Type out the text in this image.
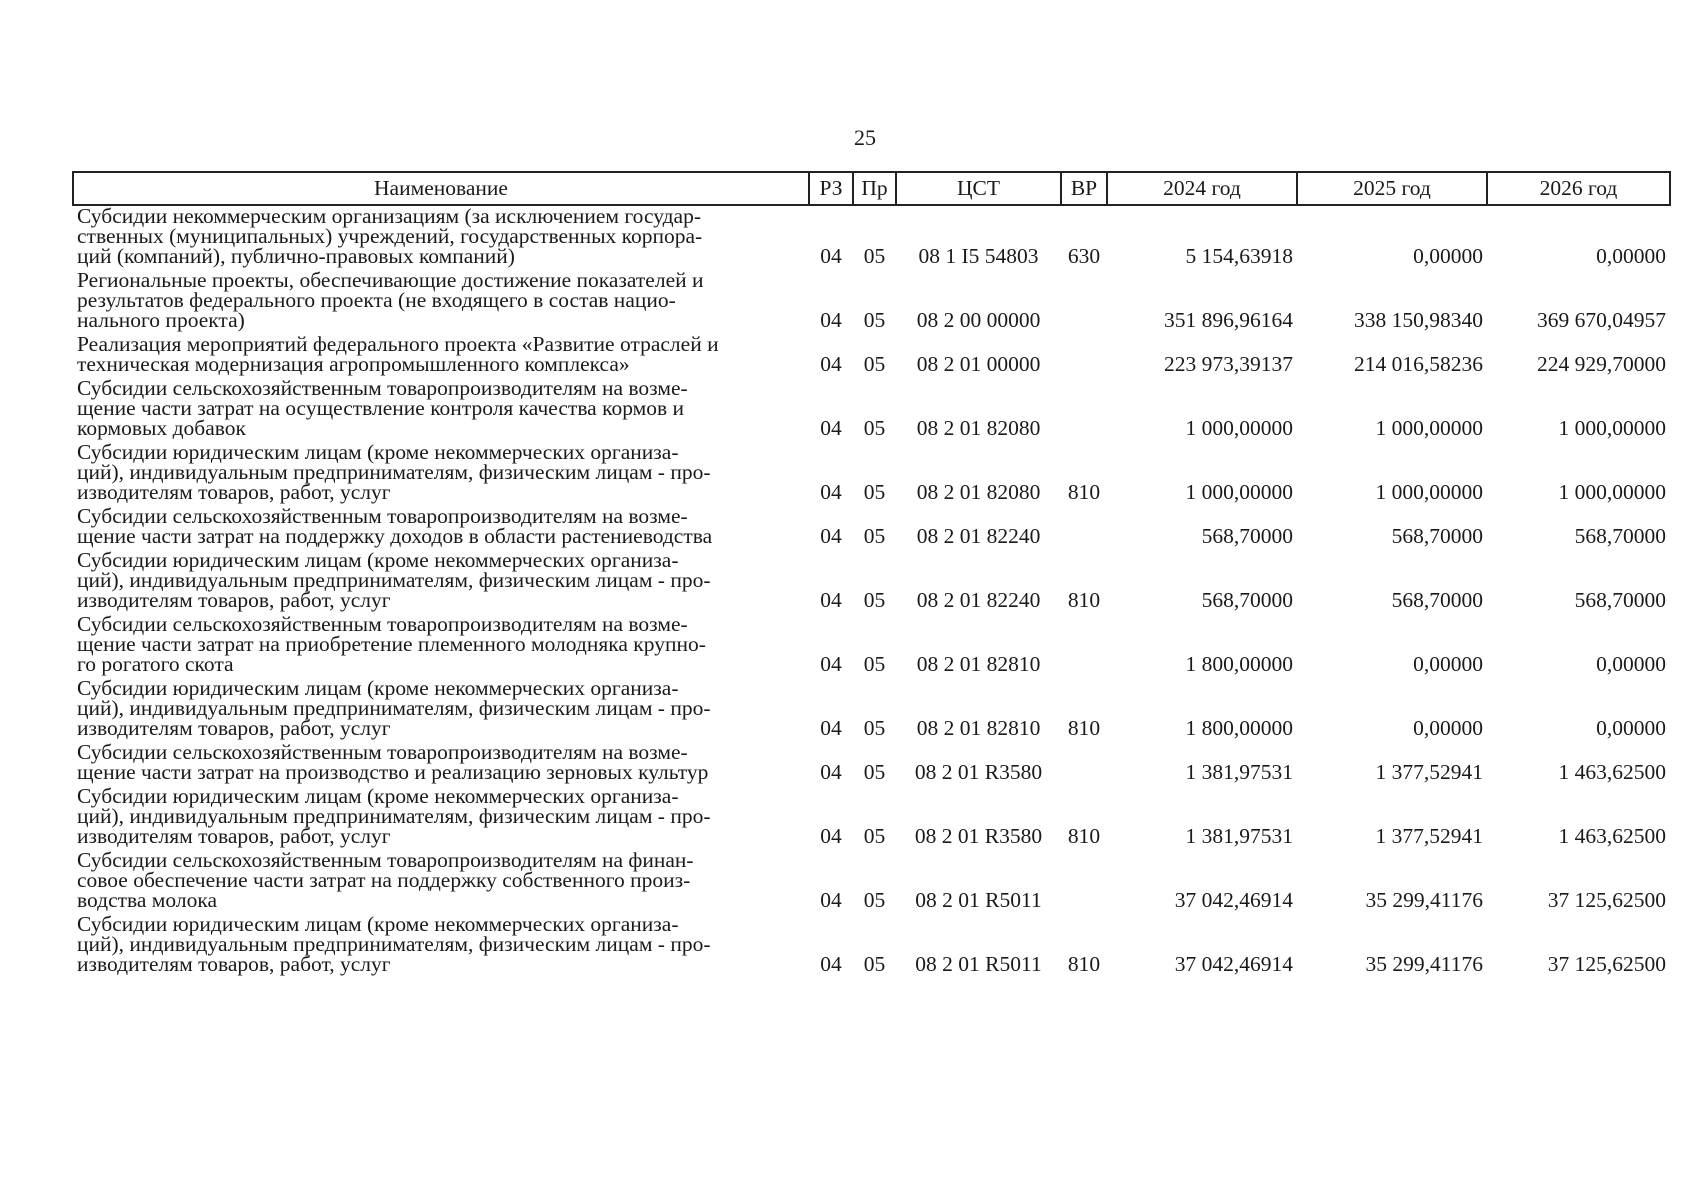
25
Наименование	РЗ	Пр	ЦСТ	ВР	2024 год	2025 год	2026 год

Субсидии некоммерческим организациям (за исключением государ-
ственных (муниципальных) учреждений, государственных корпора-
ций (компаний), публично-правовых компаний)	04	05	08 1 I5 54803	630	5 154,63918	0,00000	0,00000

Региональные проекты, обеспечивающие достижение показателей и
результатов федерального проекта (не входящего в состав нацио-
нального проекта)	04	05	08 2 00 00000		351 896,96164	338 150,98340	369 670,04957

Реализация мероприятий федерального проекта «Развитие отраслей и
техническая модернизация агропромышленного комплекса»	04	05	08 2 01 00000		223 973,39137	214 016,58236	224 929,70000

Субсидии сельскохозяйственным товаропроизводителям на возме-
щение части затрат на осуществление контроля качества кормов и
кормовых добавок	04	05	08 2 01 82080		1 000,00000	1 000,00000	1 000,00000

Субсидии юридическим лицам (кроме некоммерческих организа-
ций), индивидуальным предпринимателям, физическим лицам - про-
изводителям товаров, работ, услуг	04	05	08 2 01 82080	810	1 000,00000	1 000,00000	1 000,00000

Субсидии сельскохозяйственным товаропроизводителям на возме-
щение части затрат на поддержку доходов в области растениеводства	04	05	08 2 01 82240		568,70000	568,70000	568,70000

Субсидии юридическим лицам (кроме некоммерческих организа-
ций), индивидуальным предпринимателям, физическим лицам - про-
изводителям товаров, работ, услуг	04	05	08 2 01 82240	810	568,70000	568,70000	568,70000

Субсидии сельскохозяйственным товаропроизводителям на возме-
щение части затрат на приобретение племенного молодняка крупно-
го рогатого скота	04	05	08 2 01 82810		1 800,00000	0,00000	0,00000

Субсидии юридическим лицам (кроме некоммерческих организа-
ций), индивидуальным предпринимателям, физическим лицам - про-
изводителям товаров, работ, услуг	04	05	08 2 01 82810	810	1 800,00000	0,00000	0,00000

Субсидии сельскохозяйственным товаропроизводителям на возме-
щение части затрат на производство и реализацию зерновых культур	04	05	08 2 01 R3580		1 381,97531	1 377,52941	1 463,62500

Субсидии юридическим лицам (кроме некоммерческих организа-
ций), индивидуальным предпринимателям, физическим лицам - про-
изводителям товаров, работ, услуг	04	05	08 2 01 R3580	810	1 381,97531	1 377,52941	1 463,62500

Субсидии сельскохозяйственным товаропроизводителям на финан-
совое обеспечение части затрат на поддержку собственного произ-
водства молока	04	05	08 2 01 R5011		37 042,46914	35 299,41176	37 125,62500

Субсидии юридическим лицам (кроме некоммерческих организа-
ций), индивидуальным предпринимателям, физическим лицам - про-
изводителям товаров, работ, услуг	04	05	08 2 01 R5011	810	37 042,46914	35 299,41176	37 125,62500
